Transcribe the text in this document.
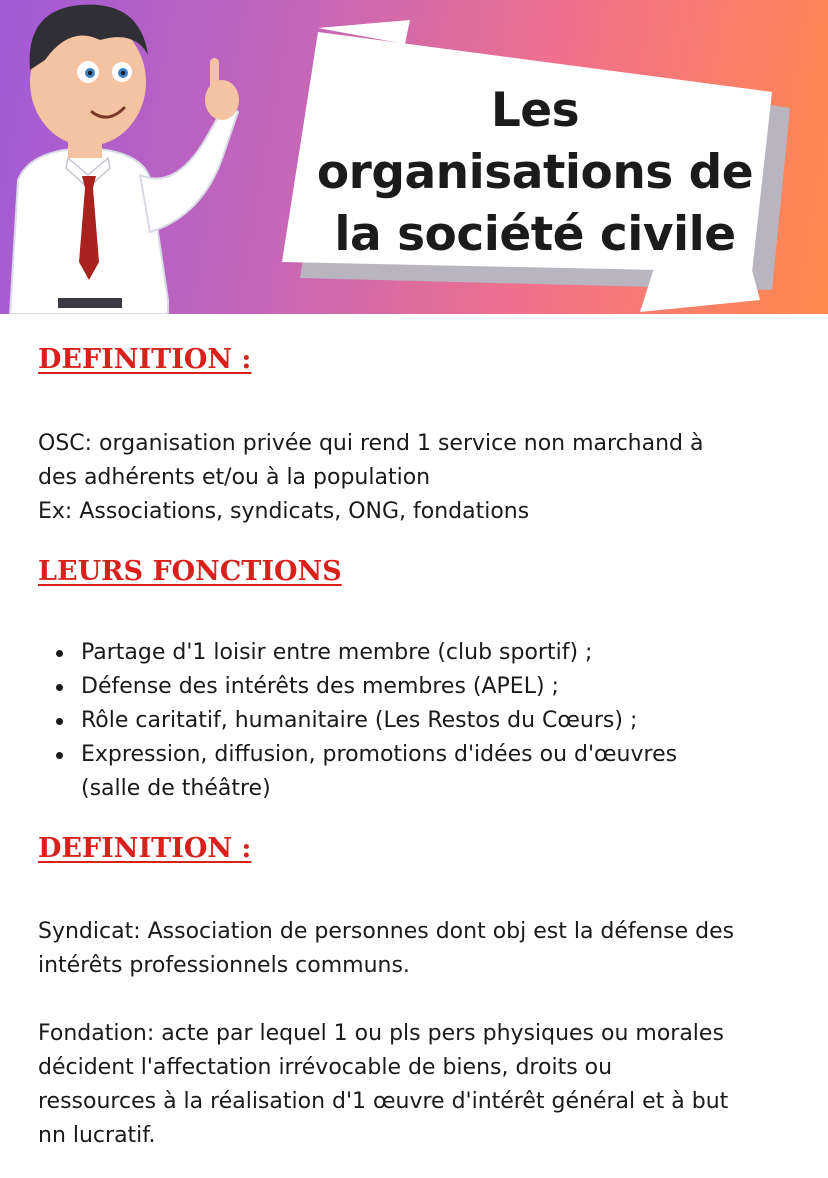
Les
organisations de
la société civile
DEFINITION :

OSC: organisation privée qui rend 1 service non marchand à

des adhérents et/ou à la population

Ex: Associations, syndicats, ONG, fondations

LEURS FONCTIONS
Partage d'1 loisir entre membre (club sportif) ;
Défense des intérêts des membres (APEL) ;
Rôle caritatif, humanitaire (Les Restos du Cœurs) ;
Expression, diffusion, promotions d'idées ou d'œuvres
(salle de théâtre)
DEFINITION :

Syndicat: Association de personnes dont obj est la défense des

intérêts professionnels communs.

Fondation: acte par lequel 1 ou pls pers physiques ou morales

décident l'affectation irrévocable de biens, droits ou

ressources à la réalisation d'1 œuvre d'intérêt général et à but

nn lucratif.
